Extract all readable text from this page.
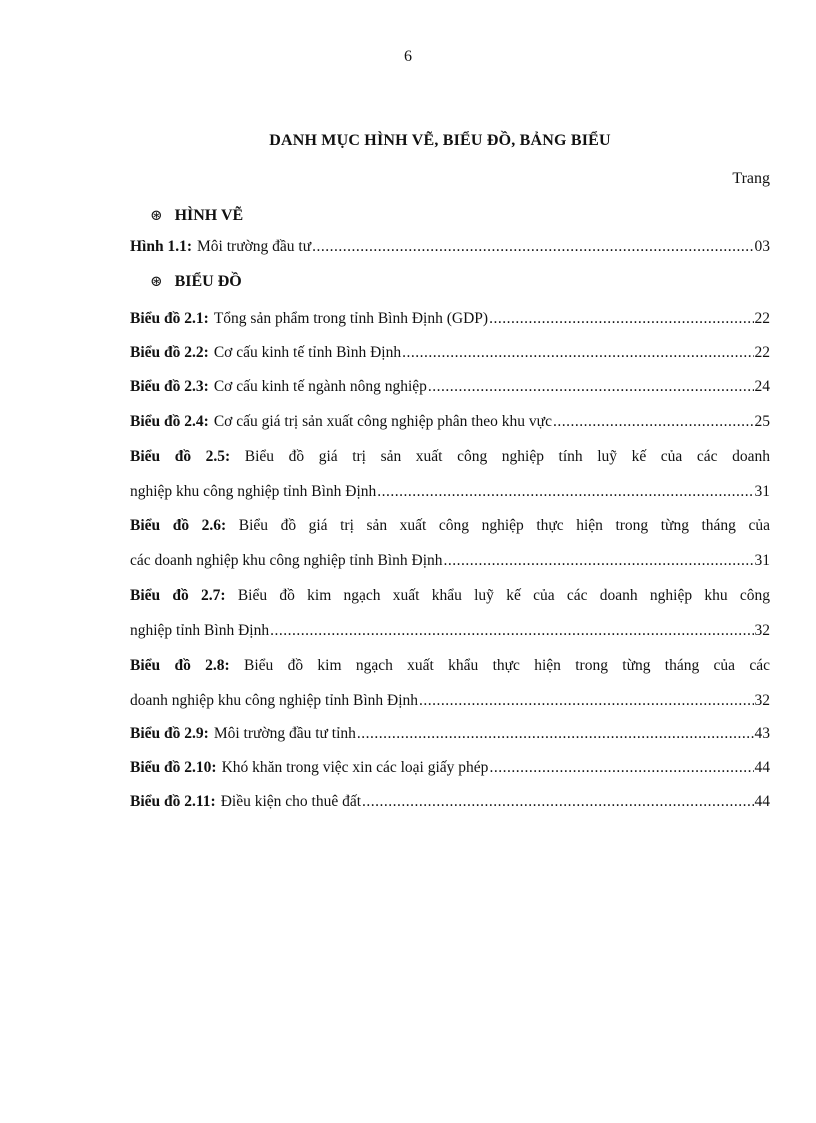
6
DANH MỤC HÌNH VẼ, BIỂU ĐỒ, BẢNG BIỂU
Trang
⊛ HÌNH VẼ
Hình 1.1: Môi trường đầu tư .....	03
⊛ BIỂU ĐỒ
Biểu đồ 2.1: Tổng sản phẩm trong tỉnh Bình Định (GDP) .....	22
Biểu đồ 2.2: Cơ cấu kinh tế tỉnh Bình Định .....	22
Biểu đồ 2.3: Cơ cấu kinh tế ngành nông nghiệp .....	24
Biểu đồ 2.4: Cơ cấu giá trị sản xuất công nghiệp phân theo khu vực .....	25
Biểu đồ 2.5: Biểu đồ giá trị sản xuất công nghiệp tính luỹ kế của các doanh
nghiệp khu công nghiệp tỉnh Bình Định .....	31
Biểu đồ 2.6: Biểu đồ giá trị sản xuất công nghiệp thực hiện trong từng tháng của
các doanh nghiệp khu công nghiệp tỉnh Bình Định .....	31
Biểu đồ 2.7: Biểu đồ kim ngạch xuất khẩu luỹ kế của các doanh nghiệp khu công
nghiệp tỉnh Bình Định .....	32
Biểu đồ 2.8: Biểu đồ kim ngạch xuất khẩu thực hiện trong từng tháng của các
doanh nghiệp khu công nghiệp tỉnh Bình Định .....	32
Biểu đồ 2.9: Môi trường đầu tư tỉnh .....	43
Biểu đồ 2.10: Khó khăn trong việc xin các loại giấy phép .....	44
Biểu đồ 2.11: Điều kiện cho thuê đất .....	44
